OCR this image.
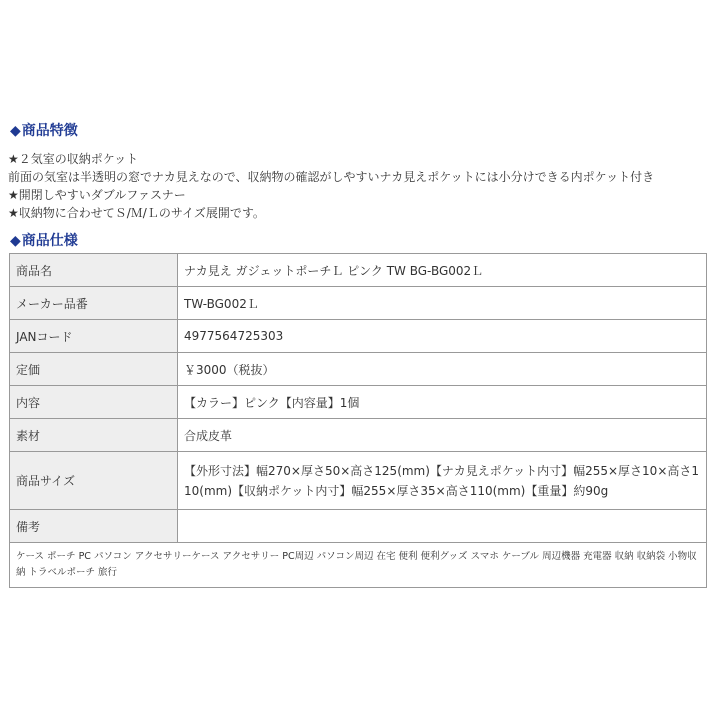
◆商品特徴
★２気室の収納ポケット
前面の気室は半透明の窓でナカ見えなので、収納物の確認がしやすいナカ見えポケットには小分けできる内ポケット付き
★開閉しやすいダブルファスナー
★収納物に合わせてＳ/Ｍ/Ｌのサイズ展開です。
◆商品仕様
商品名	ナカ見え ガジェットポーチＬ ピンク TW BG-BG002Ｌ
メーカー品番	TW-BG002Ｌ
JANコード	4977564725303
定価	￥3000（税抜）
内容	【カラー】ピンク【内容量】1個
素材	合成皮革
商品サイズ	【外形寸法】幅270×厚さ50×高さ125(mm)【ナカ見えポケット内寸】幅255×厚さ10×高さ110(mm)【収納ポケット内寸】幅255×厚さ35×高さ110(mm)【重量】約90g
備考	
ケース ポーチ PC パソコン アクセサリーケース アクセサリー PC周辺 パソコン周辺 在宅 便利 便利グッズ スマホ ケーブル 周辺機器 充電器 収納 収納袋 小物収納 トラベルポーチ 旅行	
